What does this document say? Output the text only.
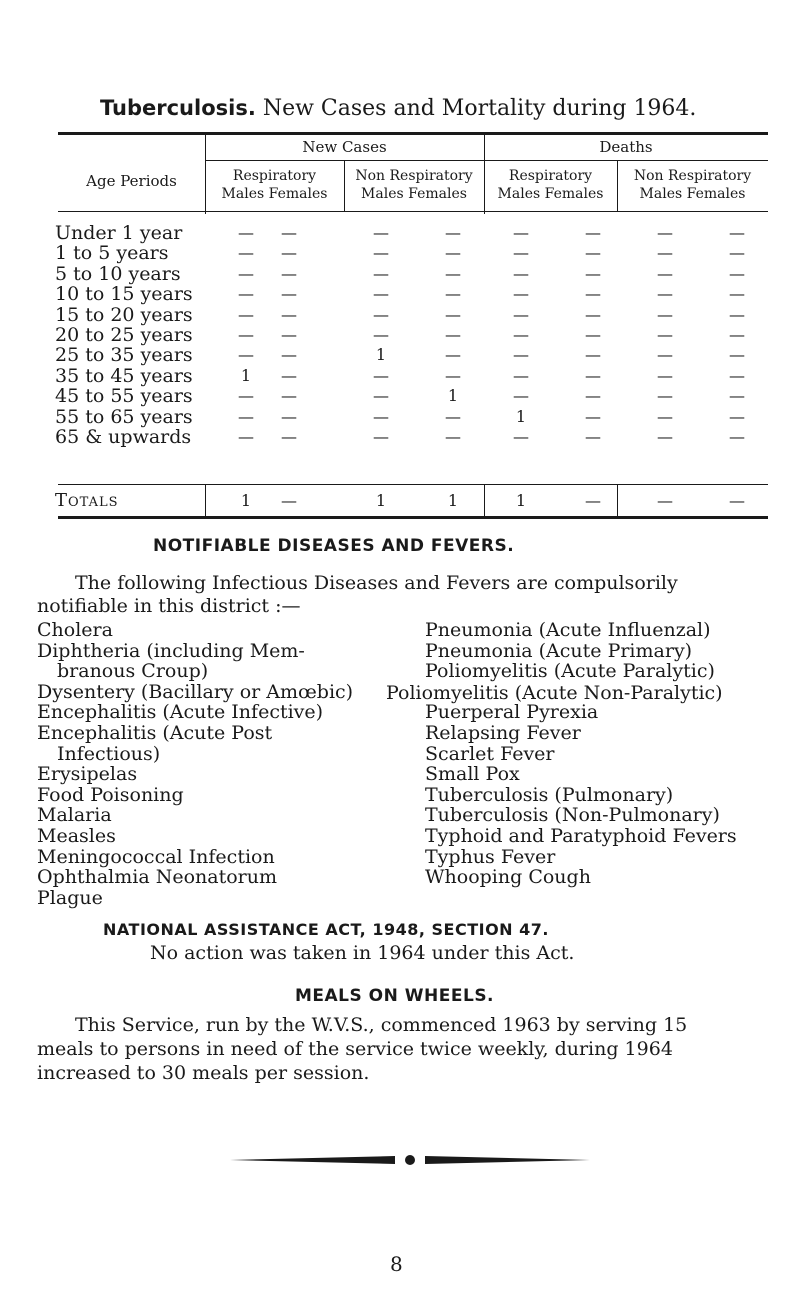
Tuberculosis. New Cases and Mortality during 1964.
Age Periods
New Cases	Deaths
Respiratory
Males Females
Non Respiratory
Males Females
Respiratory
Males Females
Non Respiratory
Males Females
Under 1 year	—	—	—	—	—	—	—	—
1 to 5 years	—	—	—	—	—	—	—	—
5 to 10 years	—	—	—	—	—	—	—	—
10 to 15 years	—	—	—	—	—	—	—	—
15 to 20 years	—	—	—	—	—	—	—	—
20 to 25 years	—	—	—	—	—	—	—	—
25 to 35 years	—	—	1	—	—	—	—	—
35 to 45 years	1	—	—	—	—	—	—	—
45 to 55 years	—	—	—	1	—	—	—	—
55 to 65 years	—	—	—	—	1	—	—	—
65 & upwards	—	—	—	—	—	—	—	—
Totals	1	—	1	1	1	—	—	—
NOTIFIABLE DISEASES AND FEVERS.
The following Infectious Diseases and Fevers are compulsorily
notifiable in this district :—
Cholera
Diphtheria (including Mem-
branous Croup)
Dysentery (Bacillary or Amœbic)
Encephalitis (Acute Infective)
Encephalitis (Acute Post
Infectious)
Erysipelas
Food Poisoning
Malaria
Measles
Meningococcal Infection
Ophthalmia Neonatorum
Plague
Pneumonia (Acute Influenzal)
Pneumonia (Acute Primary)
Poliomyelitis (Acute Paralytic)
Poliomyelitis (Acute Non-Paralytic)
Puerperal Pyrexia
Relapsing Fever
Scarlet Fever
Small Pox
Tuberculosis (Pulmonary)
Tuberculosis (Non-Pulmonary)
Typhoid and Paratyphoid Fevers
Typhus Fever
Whooping Cough
NATIONAL ASSISTANCE ACT, 1948, SECTION 47.
No action was taken in 1964 under this Act.
MEALS ON WHEELS.
This Service, run by the W.V.S., commenced 1963 by serving 15
meals to persons in need of the service twice weekly, during 1964
increased to 30 meals per session.
8
